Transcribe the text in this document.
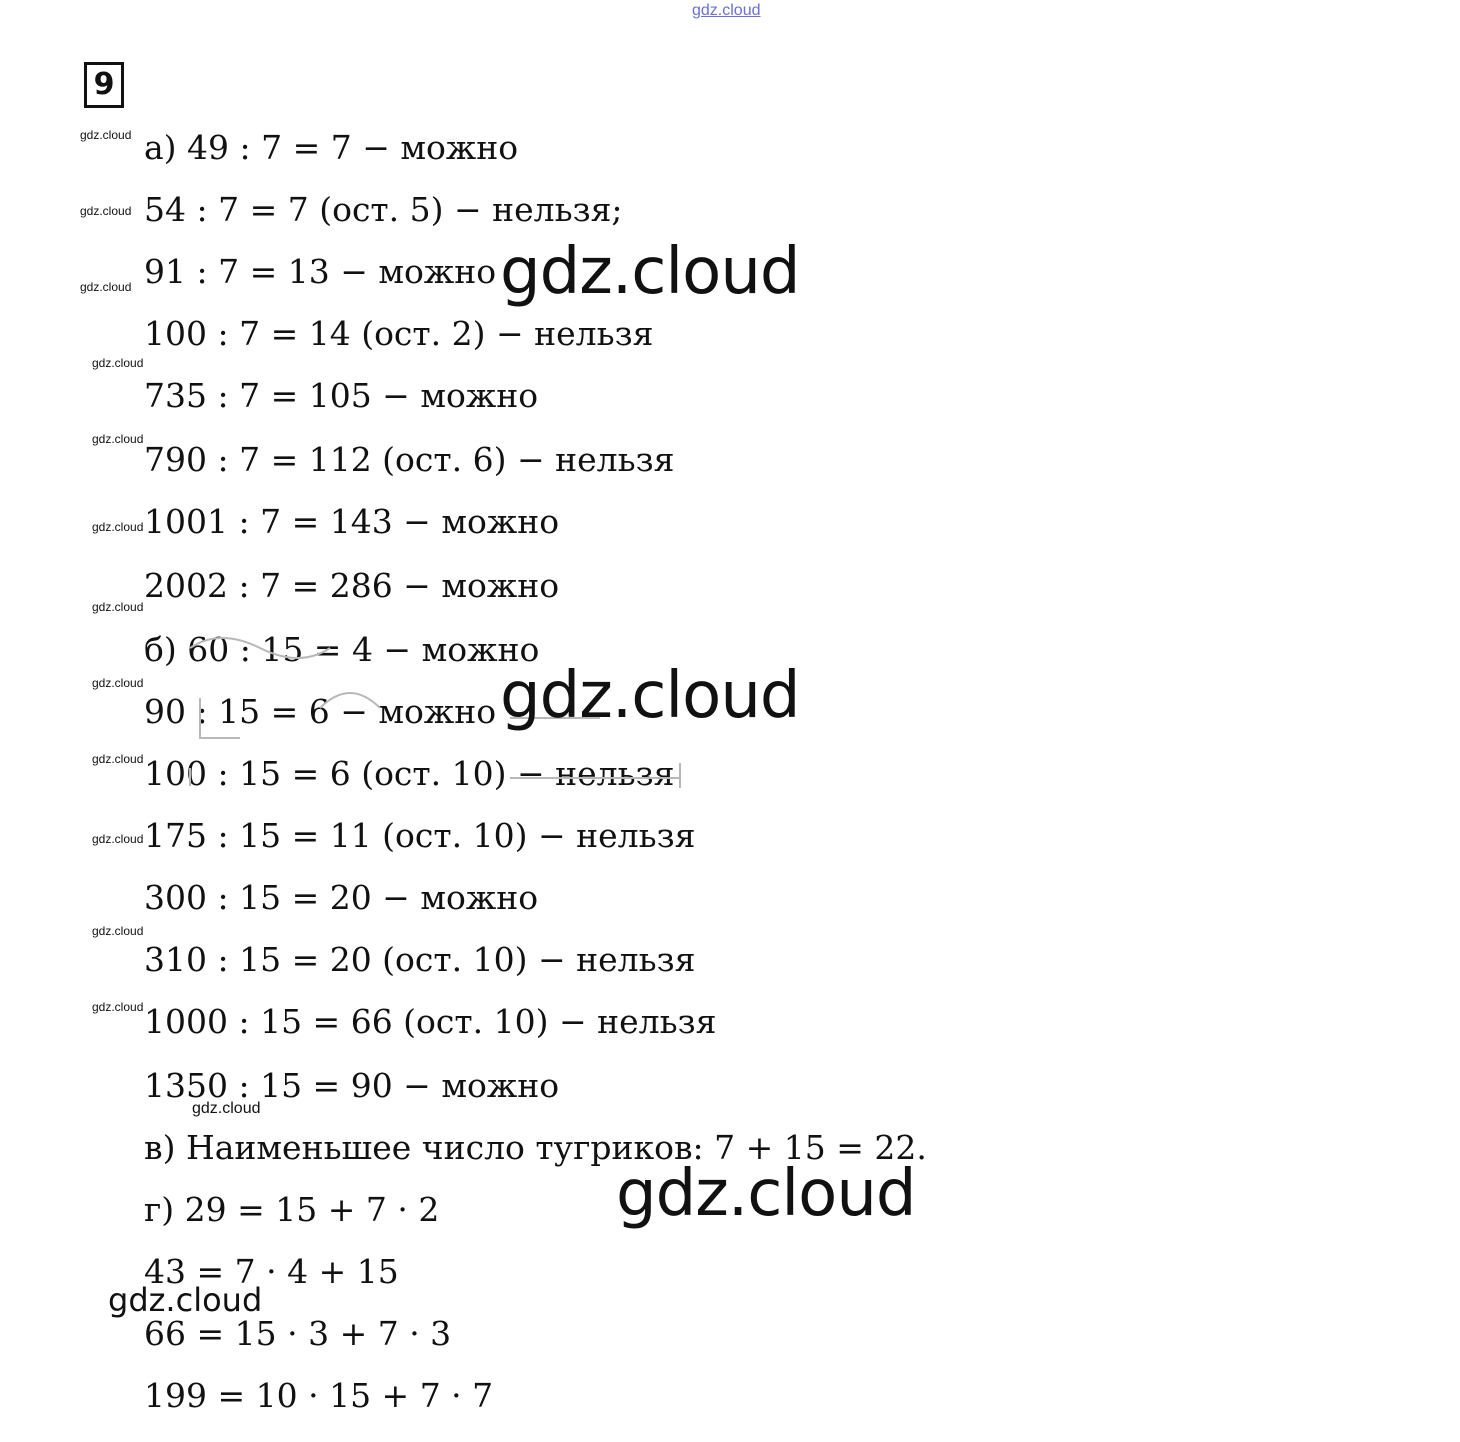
gdz.cloud
9
а) 49 : 7 = 7 − можно
54 : 7 = 7 (ост. 5) − нельзя;
91 : 7 = 13 − можно
100 : 7 = 14 (ост. 2) − нельзя
735 : 7 = 105 − можно
790 : 7 = 112 (ост. 6) − нельзя
1001 : 7 = 143 − можно
2002 : 7 = 286 − можно
б) 60 : 15 = 4 − можно
90 : 15 = 6 − можно
100 : 15 = 6 (ост. 10) − нельзя
175 : 15 = 11 (ост. 10) − нельзя
300 : 15 = 20 − можно
310 : 15 = 20 (ост. 10) − нельзя
1000 : 15 = 66 (ост. 10) − нельзя
1350 : 15 = 90 − можно
в) Наименьшее число тугриков: 7 + 15 = 22.
г) 29 = 15 + 7 · 2
43 = 7 · 4 + 15
66 = 15 · 3 + 7 · 3
199 = 10 · 15 + 7 · 7
gdz.cloud
gdz.cloud
gdz.cloud
gdz.cloud
gdz.cloud
gdz.cloud
gdz.cloud
gdz.cloud
gdz.cloud
gdz.cloud
gdz.cloud
gdz.cloud
gdz.cloud
gdz.cloud
gdz.cloud
gdz.cloud
gdz.cloud
